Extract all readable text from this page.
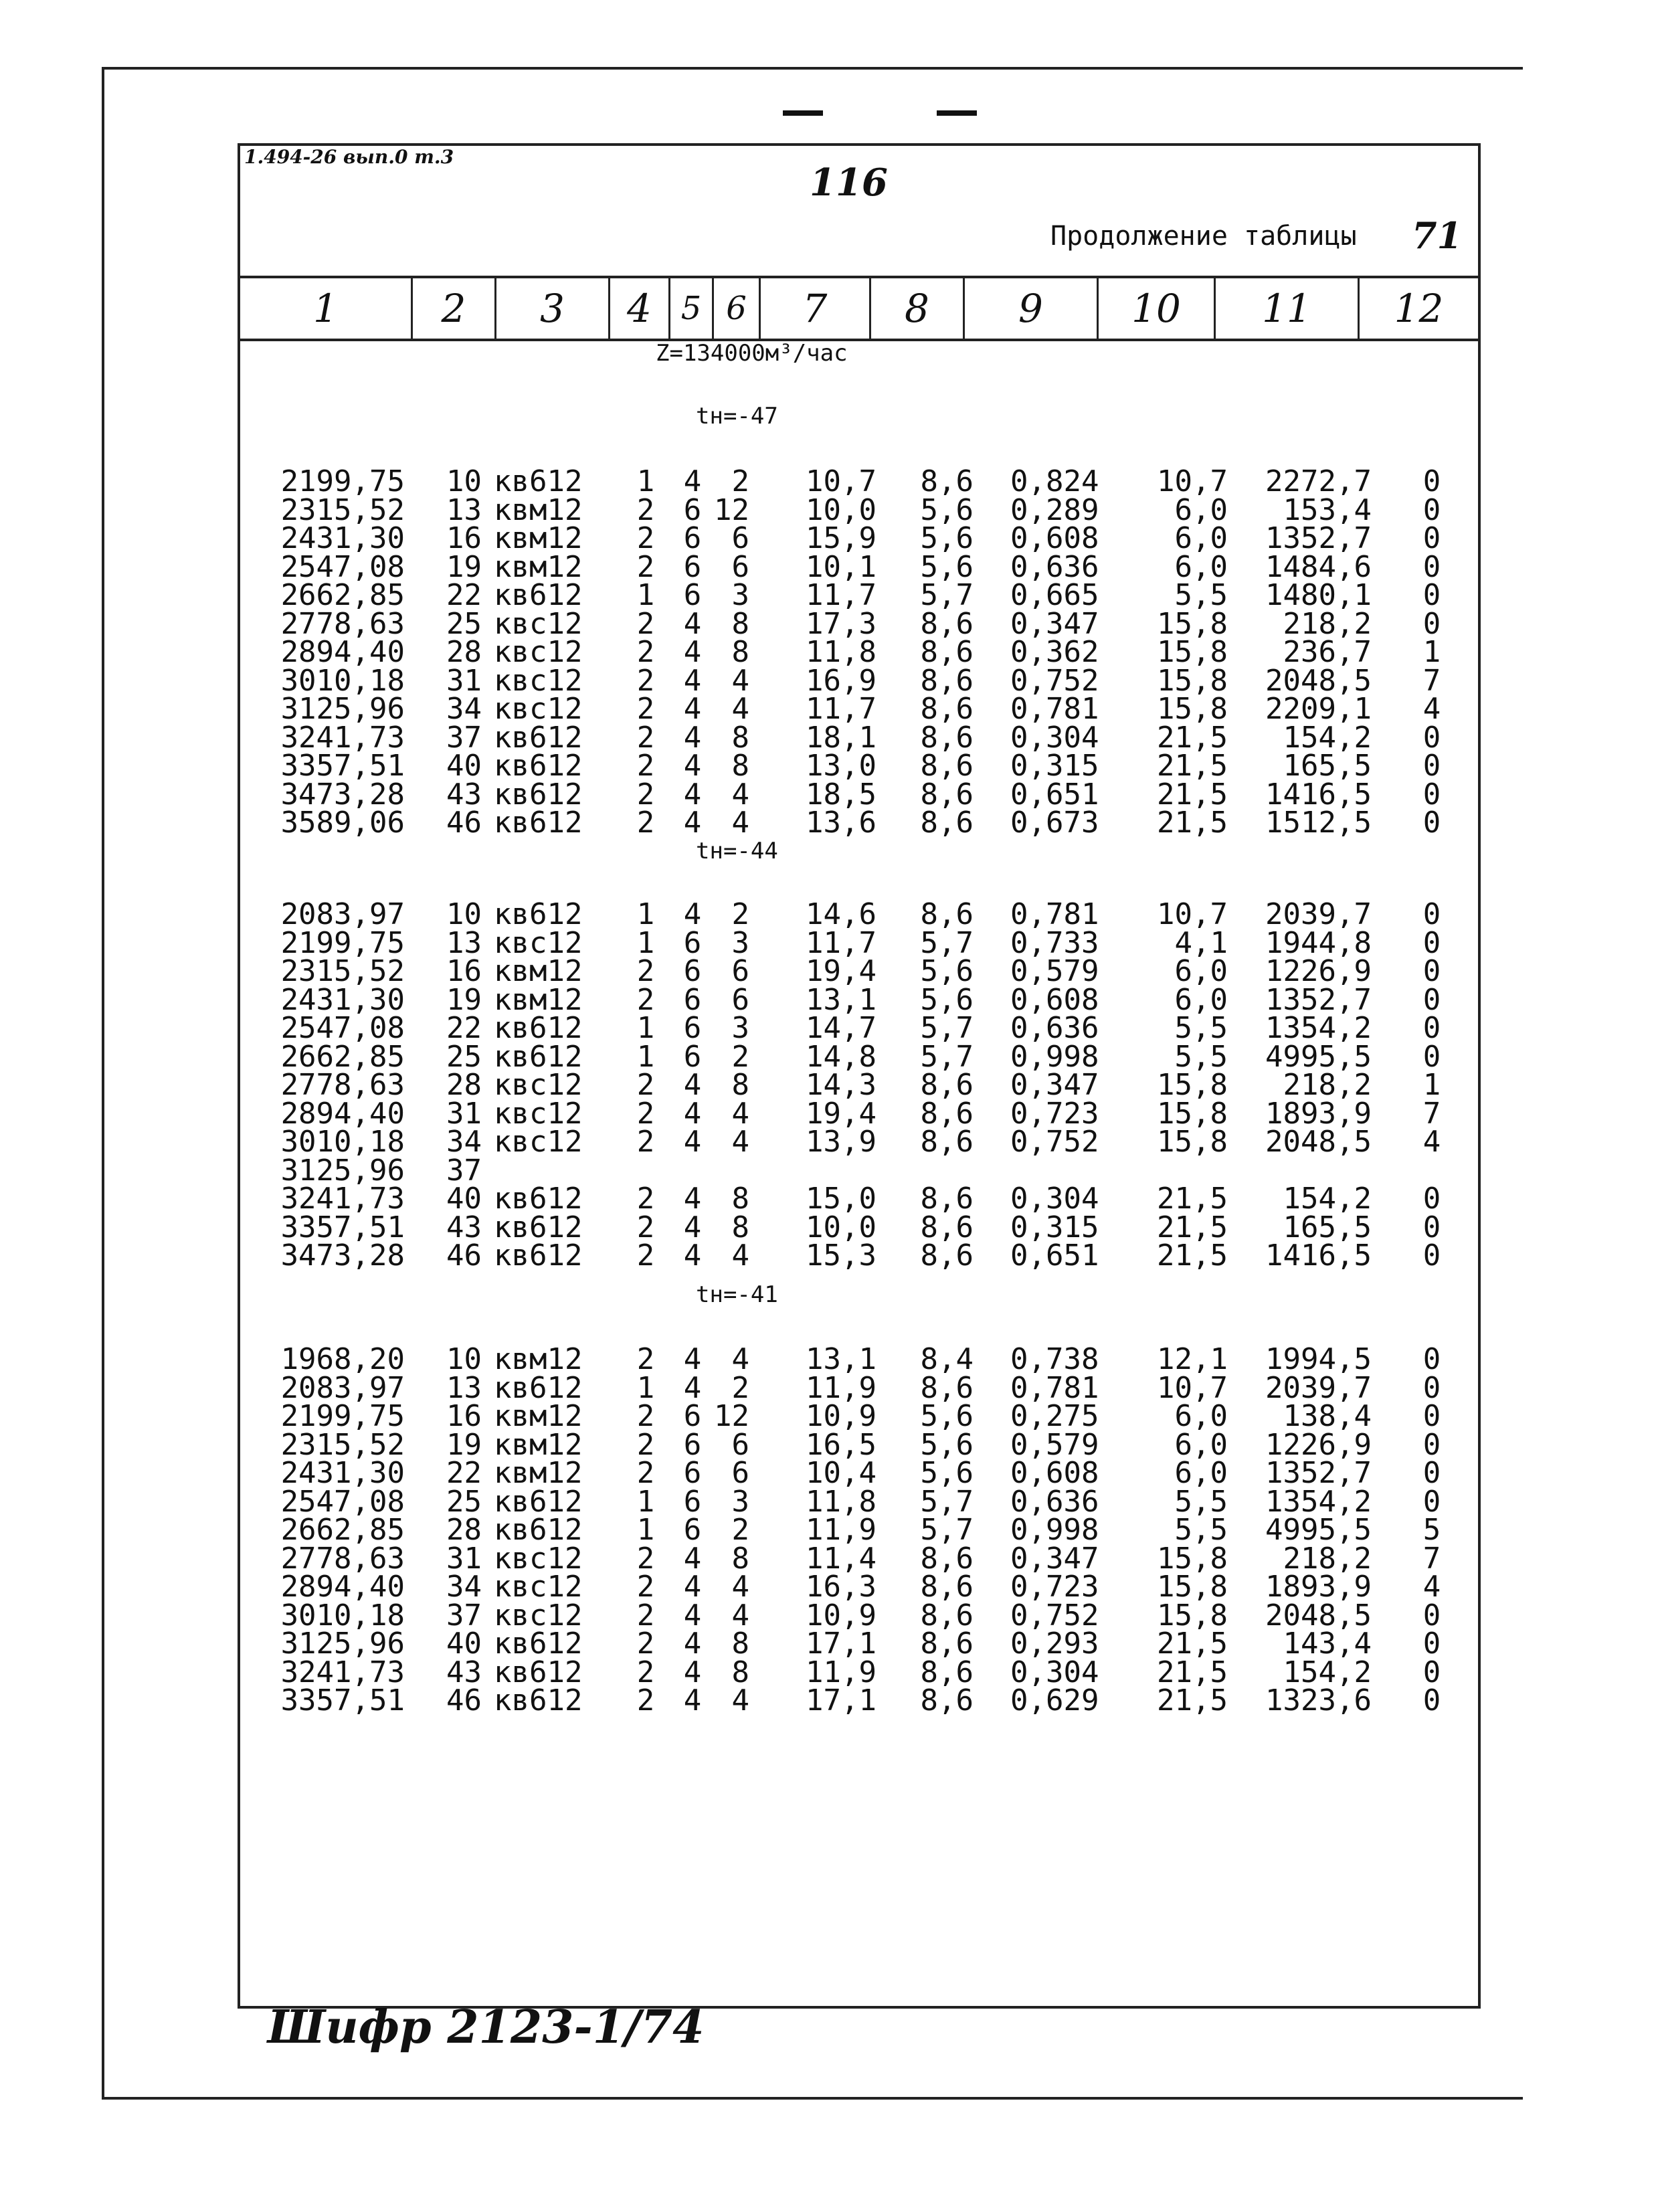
1.494-26 вып.0 т.3
116
Продолжение таблицы 71
1	2	3	4 5 6	7	8	9	10	11	12
Z=134000м³/час
tн=-47
2199,75 10 кв612	1 4	2	10,7	8,6 0,824	10,7 2272,7 0
2315,52 13 квм12	2 6 12	10,0	5,6 0,289	6,0	153,4 0
2431,30 16 квм12	2 6	6	15,9	5,6 0,608	6,0 1352,7 0
2547,08 19 квм12	2 6	6	10,1	5,6 0,636	6,0 1484,6 0
2662,85 22 кв612	1 6	3	11,7	5,7 0,665	5,5 1480,1 0
2778,63 25 квс12	2 4	8	17,3	8,6 0,347	15,8	218,2 0
2894,40 28 квс12	2 4	8	11,8	8,6 0,362	15,8	236,7 1
3010,18 31 квс12	2 4	4	16,9	8,6 0,752	15,8 2048,5 7
3125,96 34 квс12	2 4	4	11,7	8,6 0,781	15,8 2209,1 4
3241,73 37 кв612	2 4	8	18,1	8,6 0,304	21,5	154,2 0
3357,51 40 кв612	2 4	8	13,0	8,6 0,315	21,5	165,5 0
3473,28 43 кв612	2 4	4	18,5	8,6 0,651	21,5 1416,5 0
3589,06 46 кв612	2 4	4	13,6	8,6 0,673	21,5 1512,5 0
tн=-44
2083,97 10 кв612	1 4	2	14,6	8,6 0,781	10,7 2039,7 0
2199,75 13 квс12	1 6	3	11,7	5,7 0,733	4,1 1944,8 0
2315,52 16 квм12	2 6	6	19,4	5,6 0,579	6,0 1226,9 0
2431,30 19 квм12	2 6	6	13,1	5,6 0,608	6,0 1352,7 0
2547,08 22 кв612	1 6	3	14,7	5,7 0,636	5,5 1354,2 0
2662,85 25 кв612	1 6	2	14,8	5,7 0,998	5,5 4995,5 0
2778,63 28 квс12	2 4	8	14,3	8,6 0,347	15,8	218,2 1
2894,40 31 квс12	2 4	4	19,4	8,6 0,723	15,8 1893,9 7
3010,18 34 квс12	2 4	4	13,9	8,6 0,752	15,8 2048,5 4
3125,96 37
3241,73 40 кв612	2 4	8	15,0	8,6 0,304	21,5	154,2 0
3357,51 43 кв612	2 4	8	10,0	8,6 0,315	21,5	165,5 0
3473,28 46 кв612	2 4	4	15,3	8,6 0,651	21,5 1416,5 0
tн=-41
1968,20 10 квм12	2 4	4	13,1	8,4 0,738	12,1 1994,5 0
2083,97 13 кв612	1 4	2	11,9	8,6 0,781	10,7 2039,7 0
2199,75 16 квм12	2 6 12	10,9	5,6 0,275	6,0	138,4 0
2315,52 19 квм12	2 6	6	16,5	5,6 0,579	6,0 1226,9 0
2431,30 22 квм12	2 6	6	10,4	5,6 0,608	6,0 1352,7 0
2547,08 25 кв612	1 6	3	11,8	5,7 0,636	5,5 1354,2 0
2662,85 28 кв612	1 6	2	11,9	5,7 0,998	5,5 4995,5 5
2778,63 31 квс12	2 4	8	11,4	8,6 0,347	15,8	218,2 7
2894,40 34 квс12	2 4	4	16,3	8,6 0,723	15,8 1893,9 4
3010,18 37 квс12	2 4	4	10,9	8,6 0,752	15,8 2048,5 0
3125,96 40 кв612	2 4	8	17,1	8,6 0,293	21,5	143,4 0
3241,73 43 кв612	2 4	8	11,9	8,6 0,304	21,5	154,2 0
3357,51 46 кв612	2 4	4	17,1	8,6 0,629	21,5 1323,6 0
Шифр 2123-1/74
